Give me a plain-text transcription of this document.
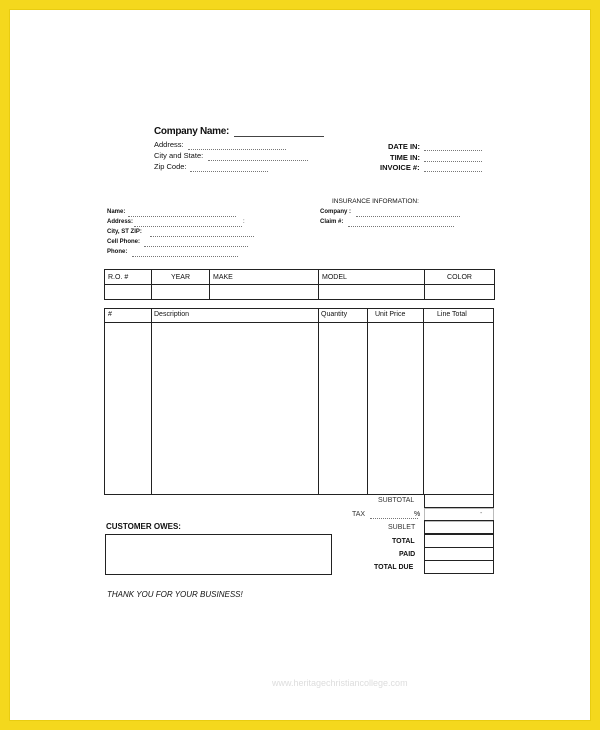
Company Name:
Address:
City and State:
Zip Code:
DATE IN:
TIME IN:
INVOICE #:
INSURANCE INFORMATION:
Company :
Claim #:
Name:
Address:	:
City, ST ZIP:
Cell Phone:
Phone:
R.O. #	YEAR	MAKE	MODEL	COLOR

#	Description	Quantity	Unit Price	Line Total
SUBTOTAL
TAX	%	-
SUBLET
TOTAL
PAID
TOTAL DUE
CUSTOMER OWES:
THANK YOU FOR YOUR BUSINESS!
www.heritagechristiancollege.com
